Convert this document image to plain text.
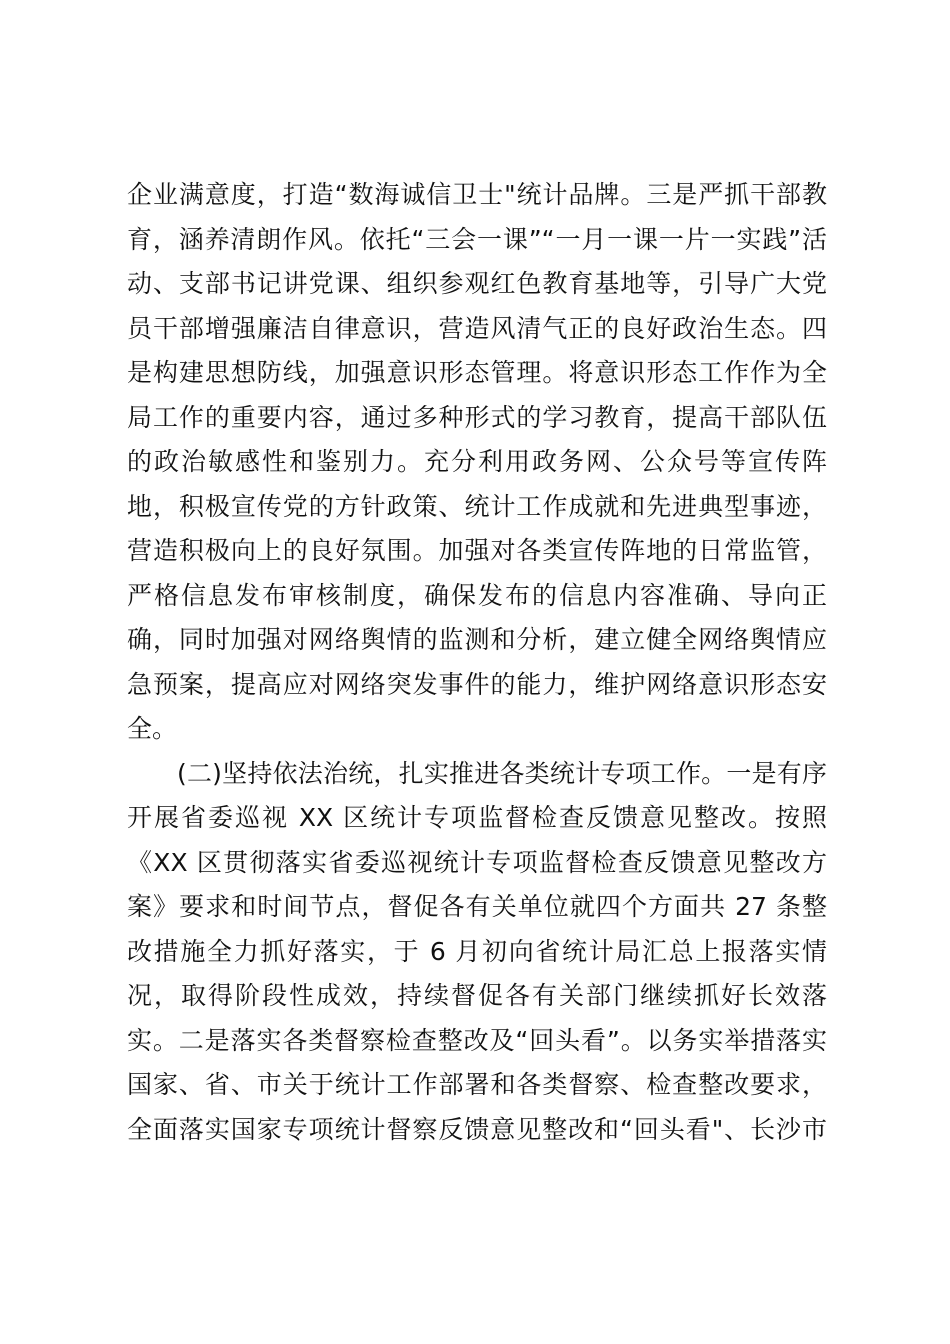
企业满意度，打造“数海诚信卫士"统计品牌。三是严抓干部教
育，涵养清朗作风。依托“三会一课”“一月一课一片一实践”活
动、支部书记讲党课、组织参观红色教育基地等，引导广大党
员干部增强廉洁自律意识，营造风清气正的良好政治生态。四
是构建思想防线，加强意识形态管理。将意识形态工作作为全
局工作的重要内容，通过多种形式的学习教育，提高干部队伍
的政治敏感性和鉴别力。充分利用政务网、公众号等宣传阵
地，积极宣传党的方针政策、统计工作成就和先进典型事迹，
营造积极向上的良好氛围。加强对各类宣传阵地的日常监管，
严格信息发布审核制度，确保发布的信息内容准确、导向正
确，同时加强对网络舆情的监测和分析，建立健全网络舆情应
急预案，提高应对网络突发事件的能力，维护网络意识形态安
全。
(二)坚持依法治统，扎实推进各类统计专项工作。一是有序
开展省委巡视 XX 区统计专项监督检查反馈意见整改。按照
《XX 区贯彻落实省委巡视统计专项监督检查反馈意见整改方
案》要求和时间节点，督促各有关单位就四个方面共 27 条整
改措施全力抓好落实，于 6 月初向省统计局汇总上报落实情
况，取得阶段性成效，持续督促各有关部门继续抓好长效落
实。二是落实各类督察检查整改及“回头看”。以务实举措落实
国家、省、市关于统计工作部署和各类督察、检查整改要求，
全面落实国家专项统计督察反馈意见整改和“回头看"、长沙市
